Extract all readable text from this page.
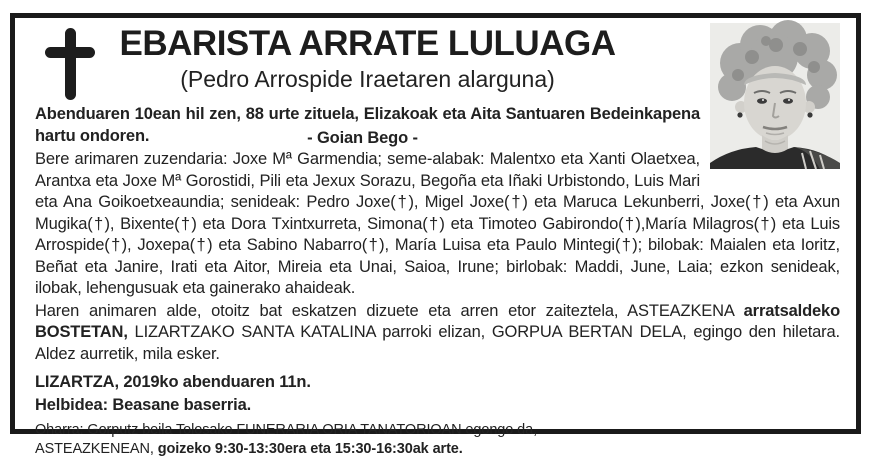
EBARISTA ARRATE LULUAGA
(Pedro Arrospide Iraetaren alarguna)

Abenduaren 10ean hil zen, 88 urte zituela, Elizakoak eta Aita Santuaren Bedeinkapena hartu ondoren.	- Goian Bego -

Bere arimaren zuzendaria: Joxe Mª Garmendia; seme-alabak: Malentxo eta Xanti Olaetxea, Arantxa eta Joxe Mª Gorostidi, Pili eta Jexux Sorazu, Begoña eta Iñaki Urbistondo, Luis Mari eta Ana Goikoetxeaundia; senideak: Pedro Joxe(†), Migel Joxe(†) eta Maruca Lekunberri, Joxe(†) eta Axun Mugika(†), Bixente(†) eta Dora Txintxurreta, Simona(†) eta Timoteo Gabirondo(†),María Milagros(†) eta Luis Arrospide(†), Joxepa(†) eta Sabino Nabarro(†), María Luisa eta Paulo Mintegi(†); bilobak: Maialen eta Ioritz, Beñat eta Janire, Irati eta Aitor, Mireia eta Unai, Saioa, Irune; birlobak: Maddi, June, Laia; ezkon senideak, ilobak, lehengusuak eta gainerako ahaideak.

Haren animaren alde, otoitz bat eskatzen dizuete eta arren etor zaiteztela, ASTEAZKENA arratsaldeko BOSTETAN, LIZARTZAKO SANTA KATALINA parroki elizan, GORPUA BERTAN DELA, egingo den hiletara. Aldez aurretik, mila esker.

LIZARTZA, 2019ko abenduaren 11n.

Helbidea: Beasane baserria.

Oharra: Gorputz beila Tolosako FUNERARIA ORIA TANATORIOAN egongo da,
ASTEAZKENEAN, goizeko 9:30-13:30era eta 15:30-16:30ak arte.
